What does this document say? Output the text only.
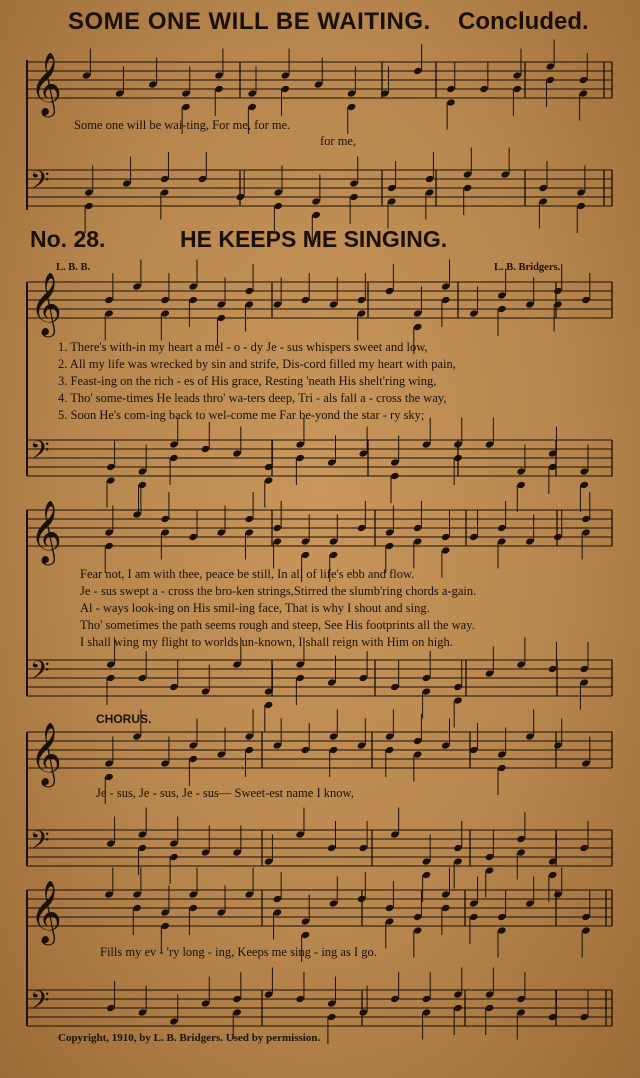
𝄞
𝄢
𝄞
𝄢
𝄞
𝄢
𝄞
𝄢
𝄞
𝄢
SOME ONE WILL BE WAITING. Concluded.
Some one will be wai-ting, For me, for me.
for me,
No. 28.	HE KEEPS ME SINGING.
L. B. B.	L. B. Bridgers.
1. There's with-in my heart a mel - o - dy Je - sus whispers sweet and low,
2. All my life was wrecked by sin and strife, Dis-cord filled my heart with pain,
3. Feast-ing on the rich - es of His grace, Resting 'neath His shelt'ring wing,
4. Tho' some-times He leads thro' wa-ters deep, Tri - als fall a - cross the way,
5. Soon He's com-ing back to wel-come me Far be-yond the star - ry sky;
Fear not, I am with thee, peace be still, In all of life's ebb and flow.
Je - sus swept a - cross the bro-ken strings,Stirred the slumb'ring chords a-gain.
Al - ways look-ing on His smil-ing face, That is why I shout and sing.
Tho' sometimes the path seems rough and steep, See His footprints all the way.
I shall wing my flight to worlds un-known, I shall reign with Him on high.
CHORUS.
Je - sus, Je - sus, Je - sus— Sweet-est name I know,
Fills my ev - 'ry long - ing, Keeps me sing - ing as I go.
Copyright, 1910, by L. B. Bridgers. Used by permission.
